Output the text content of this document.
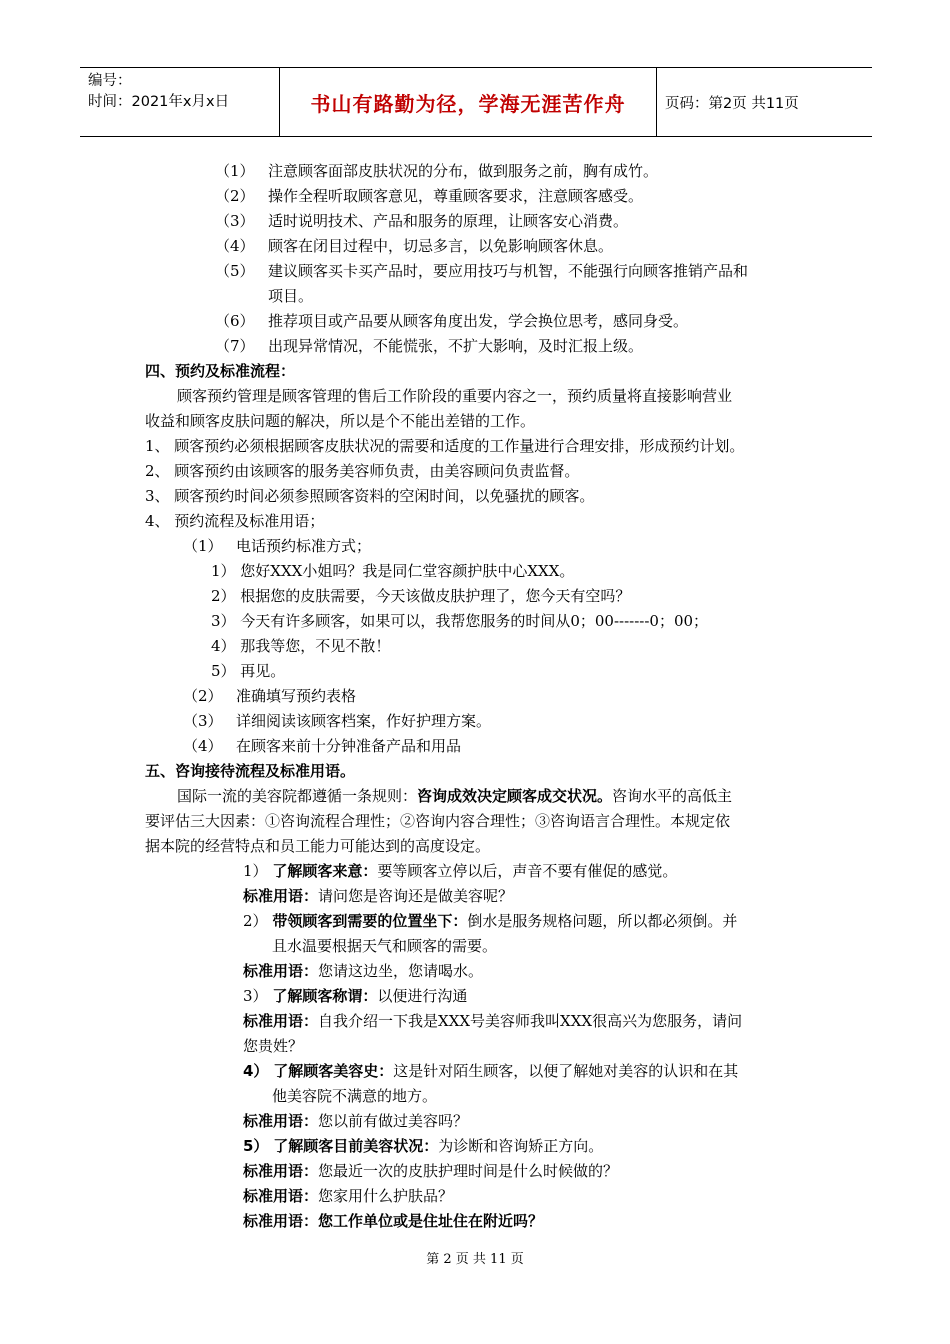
编号：
时间：2021年x月x日	书山有路勤为径，学海无涯苦作舟	页码：第2页 共11页
（1） 注意顾客面部皮肤状况的分布，做到服务之前，胸有成竹。
（2） 操作全程听取顾客意见，尊重顾客要求，注意顾客感受。
（3） 适时说明技术、产品和服务的原理，让顾客安心消费。
（4） 顾客在闭目过程中，切忌多言，以免影响顾客休息。
（5） 建议顾客买卡买产品时，要应用技巧与机智，不能强行向顾客推销产品和
项目。
（6） 推荐项目或产品要从顾客角度出发，学会换位思考，感同身受。
（7） 出现异常情况，不能慌张，不扩大影响，及时汇报上级。
四、预约及标准流程：
顾客预约管理是顾客管理的售后工作阶段的重要内容之一，预约质量将直接影响营业
收益和顾客皮肤问题的解决，所以是个不能出差错的工作。
1、 顾客预约必须根据顾客皮肤状况的需要和适度的工作量进行合理安排，形成预约计划。
2、 顾客预约由该顾客的服务美容师负责，由美容顾问负责监督。
3、 顾客预约时间必须参照顾客资料的空闲时间，以免骚扰的顾客。
4、 预约流程及标准用语；
（1） 电话预约标准方式；
1） 您好XXX小姐吗？我是同仁堂容颜护肤中心XXX。
2） 根据您的皮肤需要，今天该做皮肤护理了，您今天有空吗？
3） 今天有许多顾客，如果可以，我帮您服务的时间从0；00-------0；00；
4） 那我等您，不见不散！
5） 再见。
（2） 准确填写预约表格
（3） 详细阅读该顾客档案，作好护理方案。
（4） 在顾客来前十分钟准备产品和用品
五、咨询接待流程及标准用语。
国际一流的美容院都遵循一条规则：咨询成效决定顾客成交状况。咨询水平的高低主
要评估三大因素：①咨询流程合理性；②咨询内容合理性；③咨询语言合理性。本规定依
据本院的经营特点和员工能力可能达到的高度设定。
1） 了解顾客来意：要等顾客立停以后，声音不要有催促的感觉。
标准用语：请问您是咨询还是做美容呢？
2） 带领顾客到需要的位置坐下：倒水是服务规格问题，所以都必须倒。并
且水温要根据天气和顾客的需要。
标准用语：您请这边坐，您请喝水。
3） 了解顾客称谓：以便进行沟通
标准用语：自我介绍一下我是XXX号美容师我叫XXX很高兴为您服务，请问
您贵姓？
4） 了解顾客美容史：这是针对陌生顾客，以便了解她对美容的认识和在其
他美容院不满意的地方。
标准用语：您以前有做过美容吗？
5） 了解顾客目前美容状况：为诊断和咨询矫正方向。
标准用语：您最近一次的皮肤护理时间是什么时候做的？
标准用语：您家用什么护肤品？
标准用语：您工作单位或是住址住在附近吗？
第 2 页 共 11 页
